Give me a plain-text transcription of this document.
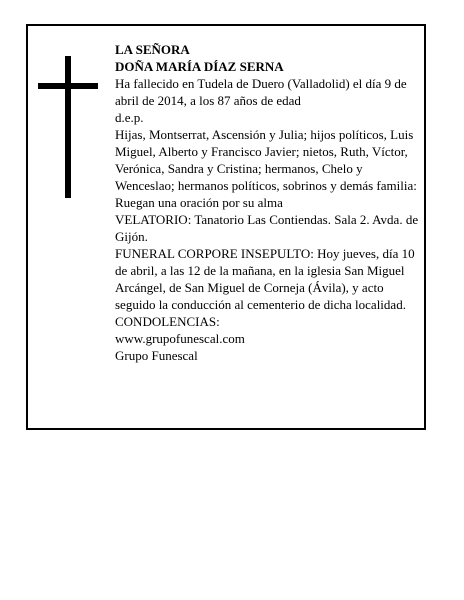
LA SEÑORA
DOÑA MARÍA DÍAZ SERNA
Ha fallecido en Tudela de Duero (Valladolid) el día 9 de abril de 2014, a los 87 años de edad
d.e.p.
Hijas, Montserrat, Ascensión y Julia; hijos políticos, Luis Miguel, Alberto y Francisco Javier; nietos, Ruth, Víctor, Verónica, Sandra y Cristina; hermanos, Chelo y Wenceslao; hermanos políticos, sobrinos y demás familia:
Ruegan una oración por su alma
VELATORIO: Tanatorio Las Contiendas. Sala 2. Avda. de Gijón.
FUNERAL CORPORE INSEPULTO: Hoy jueves, día 10 de abril, a las 12 de la mañana, en la iglesia San Miguel Arcángel, de San Miguel de Corneja (Ávila), y acto seguido la conducción al cementerio de dicha localidad. CONDOLENCIAS:
www.grupofunescal.com
Grupo Funescal
